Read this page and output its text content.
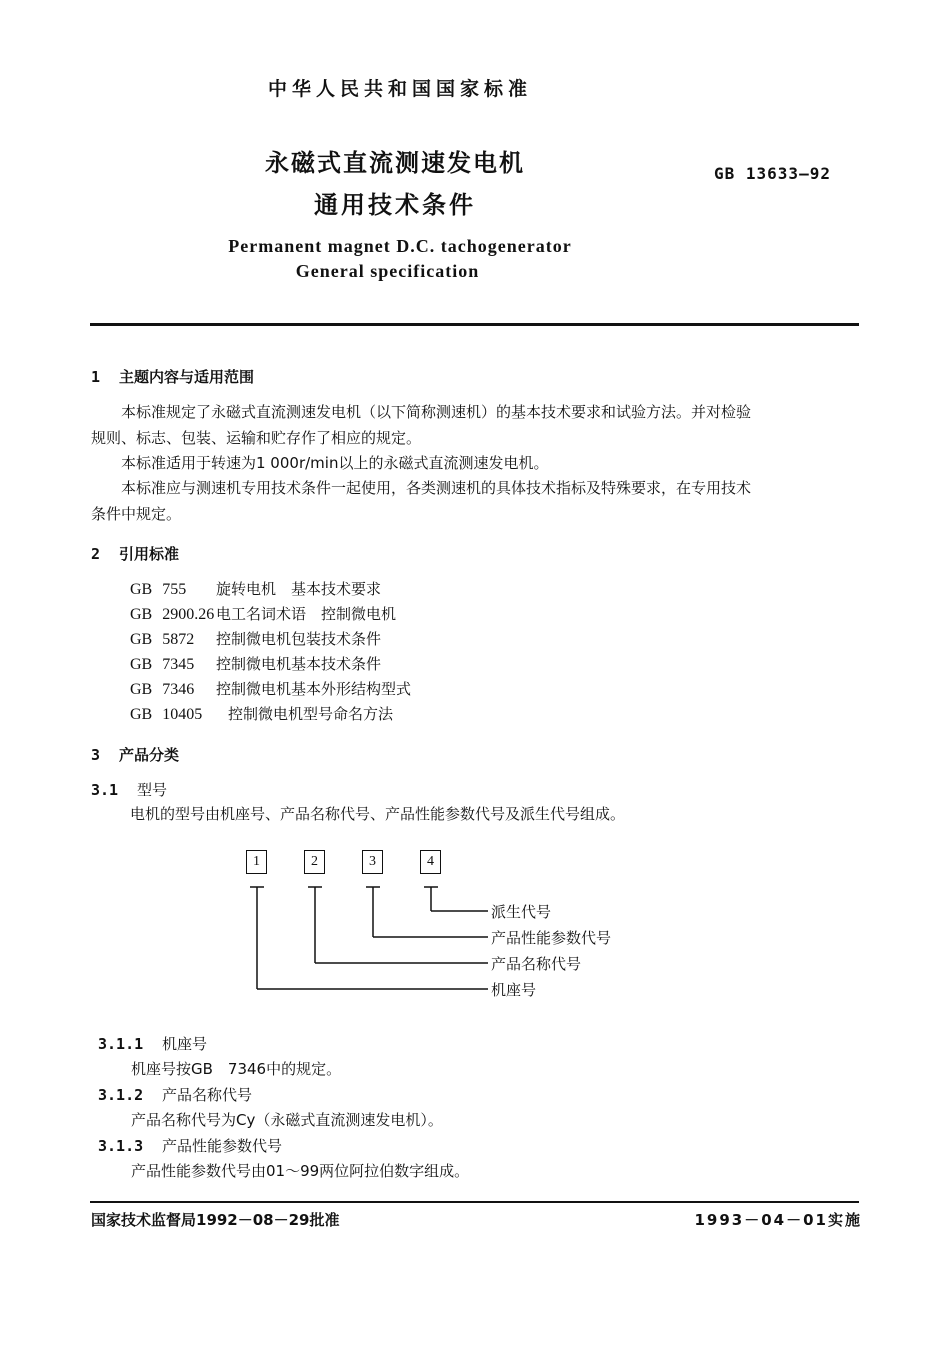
中华人民共和国国家标准
永磁式直流测速发电机
通用技术条件
GB 13633—92
Permanent magnet D.C. tachogenerator
General specification
1 主题内容与适用范围
本标准规定了永磁式直流测速发电机（以下简称测速机）的基本技术要求和试验方法。并对检验
规则、标志、包装、运输和贮存作了相应的规定。
本标准适用于转速为1 000r/min以上的永磁式直流测速发电机。
本标准应与测速机专用技术条件一起使用，各类测速机的具体技术指标及特殊要求，在专用技术
条件中规定。
2 引用标准
GB 755 旋转电机　基本技术要求
GB 2900.26 电工名词术语　控制微电机
GB 5872 控制微电机包装技术条件
GB 7345 控制微电机基本技术条件
GB 7346 控制微电机基本外形结构型式
GB 10405 控制微电机型号命名方法
3 产品分类
3.1 型号
电机的型号由机座号、产品名称代号、产品性能参数代号及派生代号组成。
1	2	3	4
派生代号
产品性能参数代号
产品名称代号
机座号
3.1.1 机座号
机座号按GB　7346中的规定。
3.1.2 产品名称代号
产品名称代号为Cy（永磁式直流测速发电机）。
3.1.3 产品性能参数代号
产品性能参数代号由01～99两位阿拉伯数字组成。
国家技术监督局1992－08－29批准	1993－04－01实施
